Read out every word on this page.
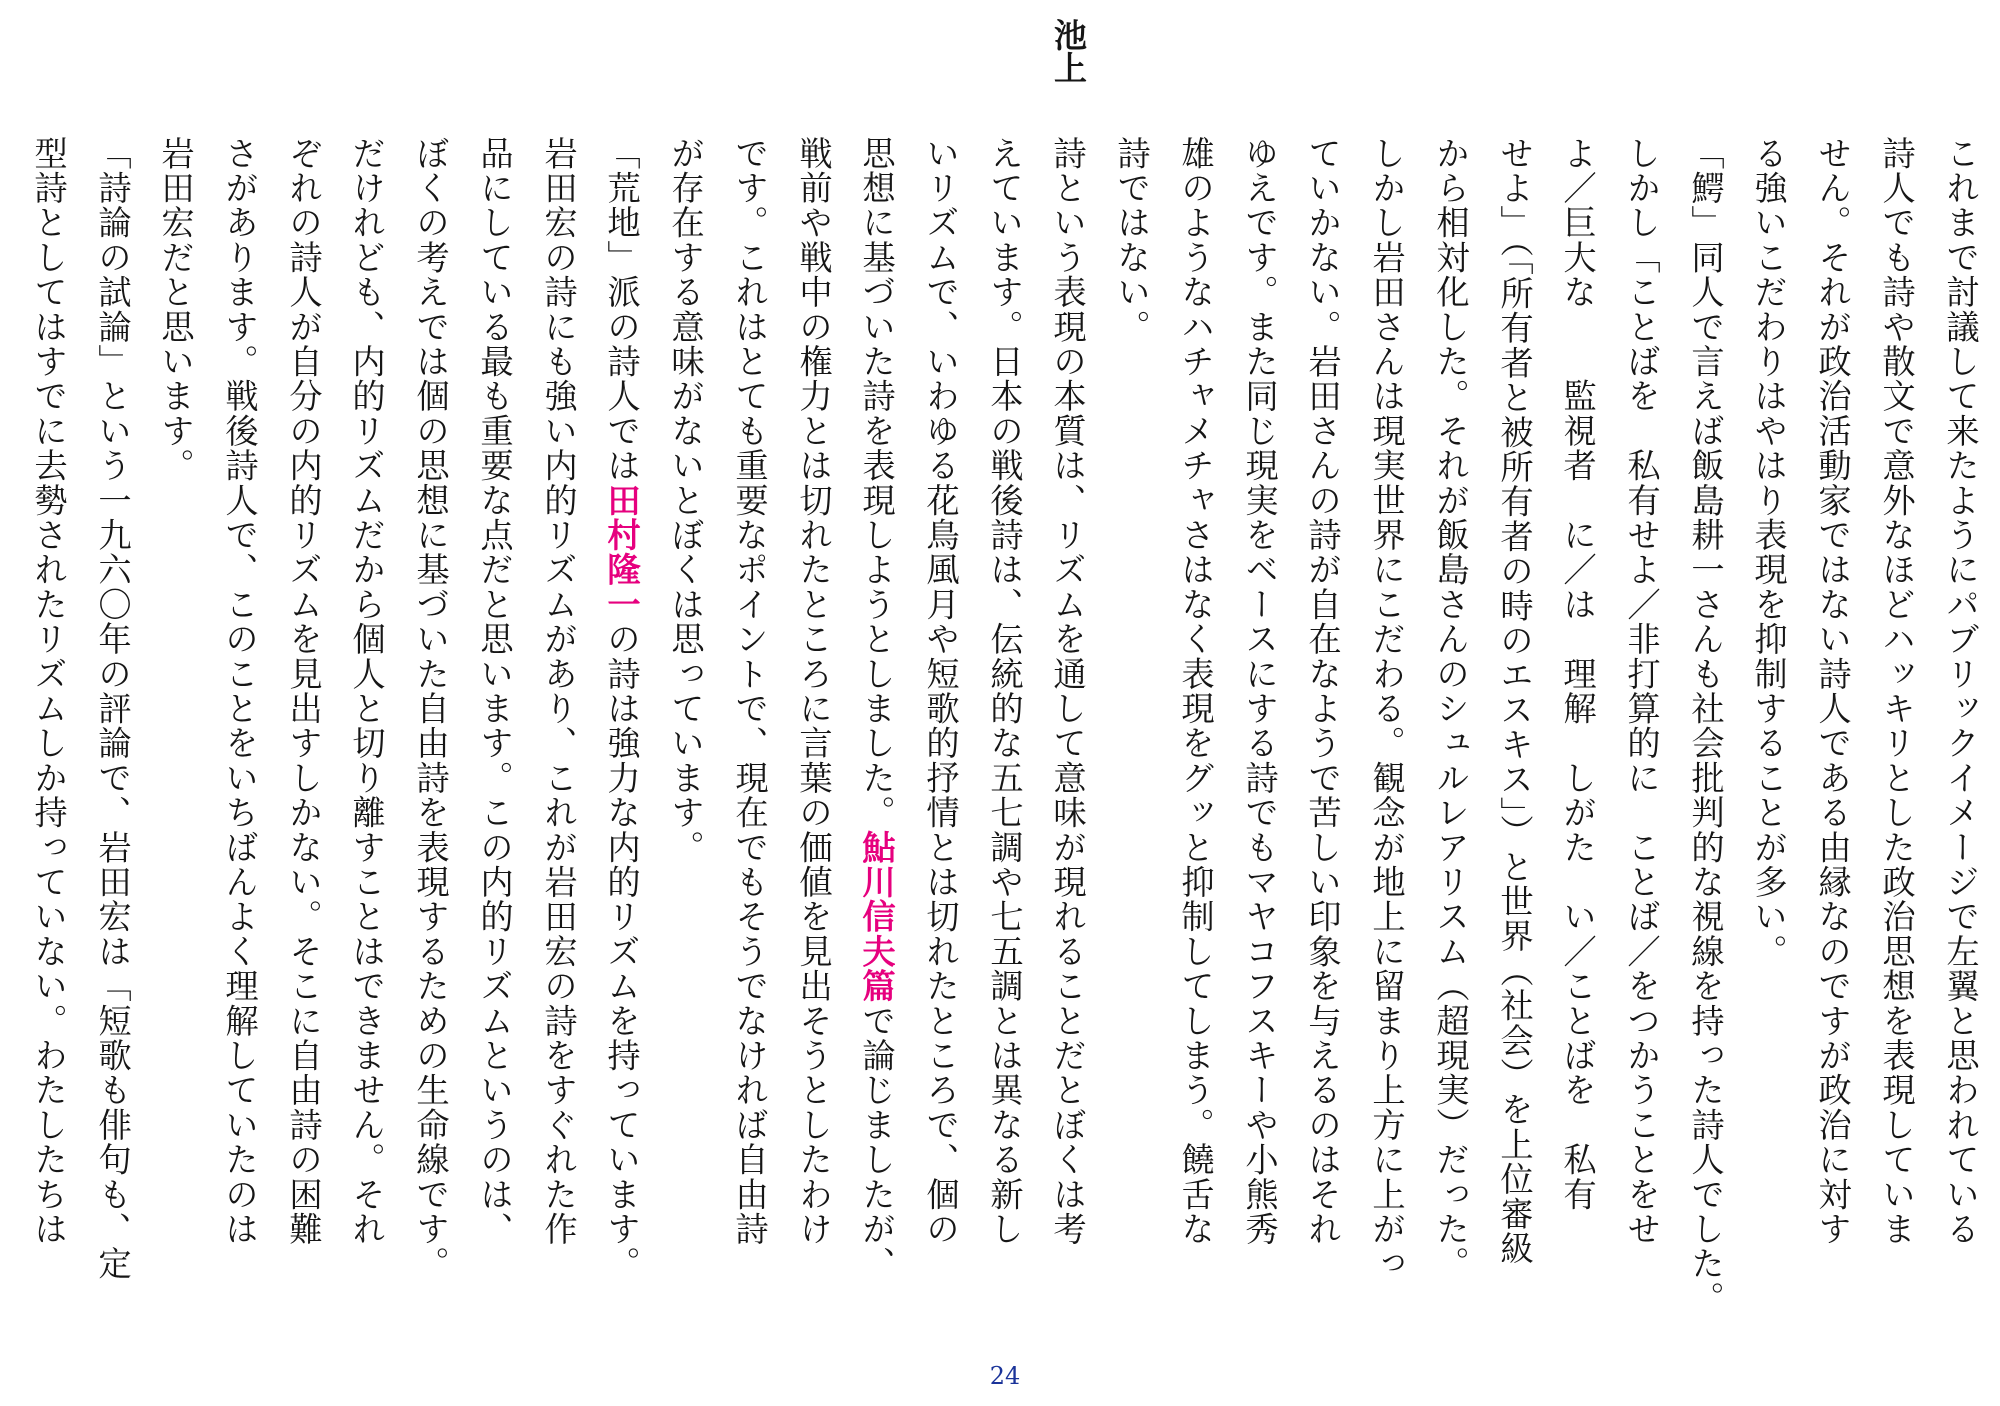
池上
これまで討議して来たようにパブリックイメージで左翼と思われている
詩人でも詩や散文で意外なほどハッキリとした政治思想を表現していま
せん。それが政治活動家ではない詩人である由縁なのですが政治に対す
る強いこだわりはやはり表現を抑制することが多い。
「鰐」同人で言えば飯島耕一さんも社会批判的な視線を持った詩人でした。
しかし「ことばを　私有せよ／非打算的に　ことば／をつかうことをせ
よ／巨大な　　監視者　に／は　理解　しがた　い／ことばを　私有
せよ」（「所有者と被所有者の時のエスキス」）と世界（社会）を上位審級
から相対化した。それが飯島さんのシュルレアリスム（超現実）だった。
しかし岩田さんは現実世界にこだわる。観念が地上に留まり上方に上がっ
ていかない。岩田さんの詩が自在なようで苦しい印象を与えるのはそれ
ゆえです。また同じ現実をベースにする詩でもマヤコフスキーや小熊秀
雄のようなハチャメチャさはなく表現をグッと抑制してしまう。饒舌な
詩ではない。
詩という表現の本質は、リズムを通して意味が現れることだとぼくは考
えています。日本の戦後詩は、伝統的な五七調や七五調とは異なる新し
いリズムで、いわゆる花鳥風月や短歌的抒情とは切れたところで、個の
思想に基づいた詩を表現しようとしました。鮎川信夫篇で論じましたが、
戦前や戦中の権力とは切れたところに言葉の価値を見出そうとしたわけ
です。これはとても重要なポイントで、現在でもそうでなければ自由詩
が存在する意味がないとぼくは思っています。
「荒地」派の詩人では田村隆一の詩は強力な内的リズムを持っています。
岩田宏の詩にも強い内的リズムがあり、これが岩田宏の詩をすぐれた作
品にしている最も重要な点だと思います。この内的リズムというのは、
ぼくの考えでは個の思想に基づいた自由詩を表現するための生命線です。
だけれども、内的リズムだから個人と切り離すことはできません。それ
ぞれの詩人が自分の内的リズムを見出すしかない。そこに自由詩の困難
さがあります。戦後詩人で、このことをいちばんよく理解していたのは
岩田宏だと思います。
「詩論の試論」という一九六〇年の評論で、岩田宏は「短歌も俳句も、定
型詩としてはすでに去勢されたリズムしか持っていない。わたしたちは
24
